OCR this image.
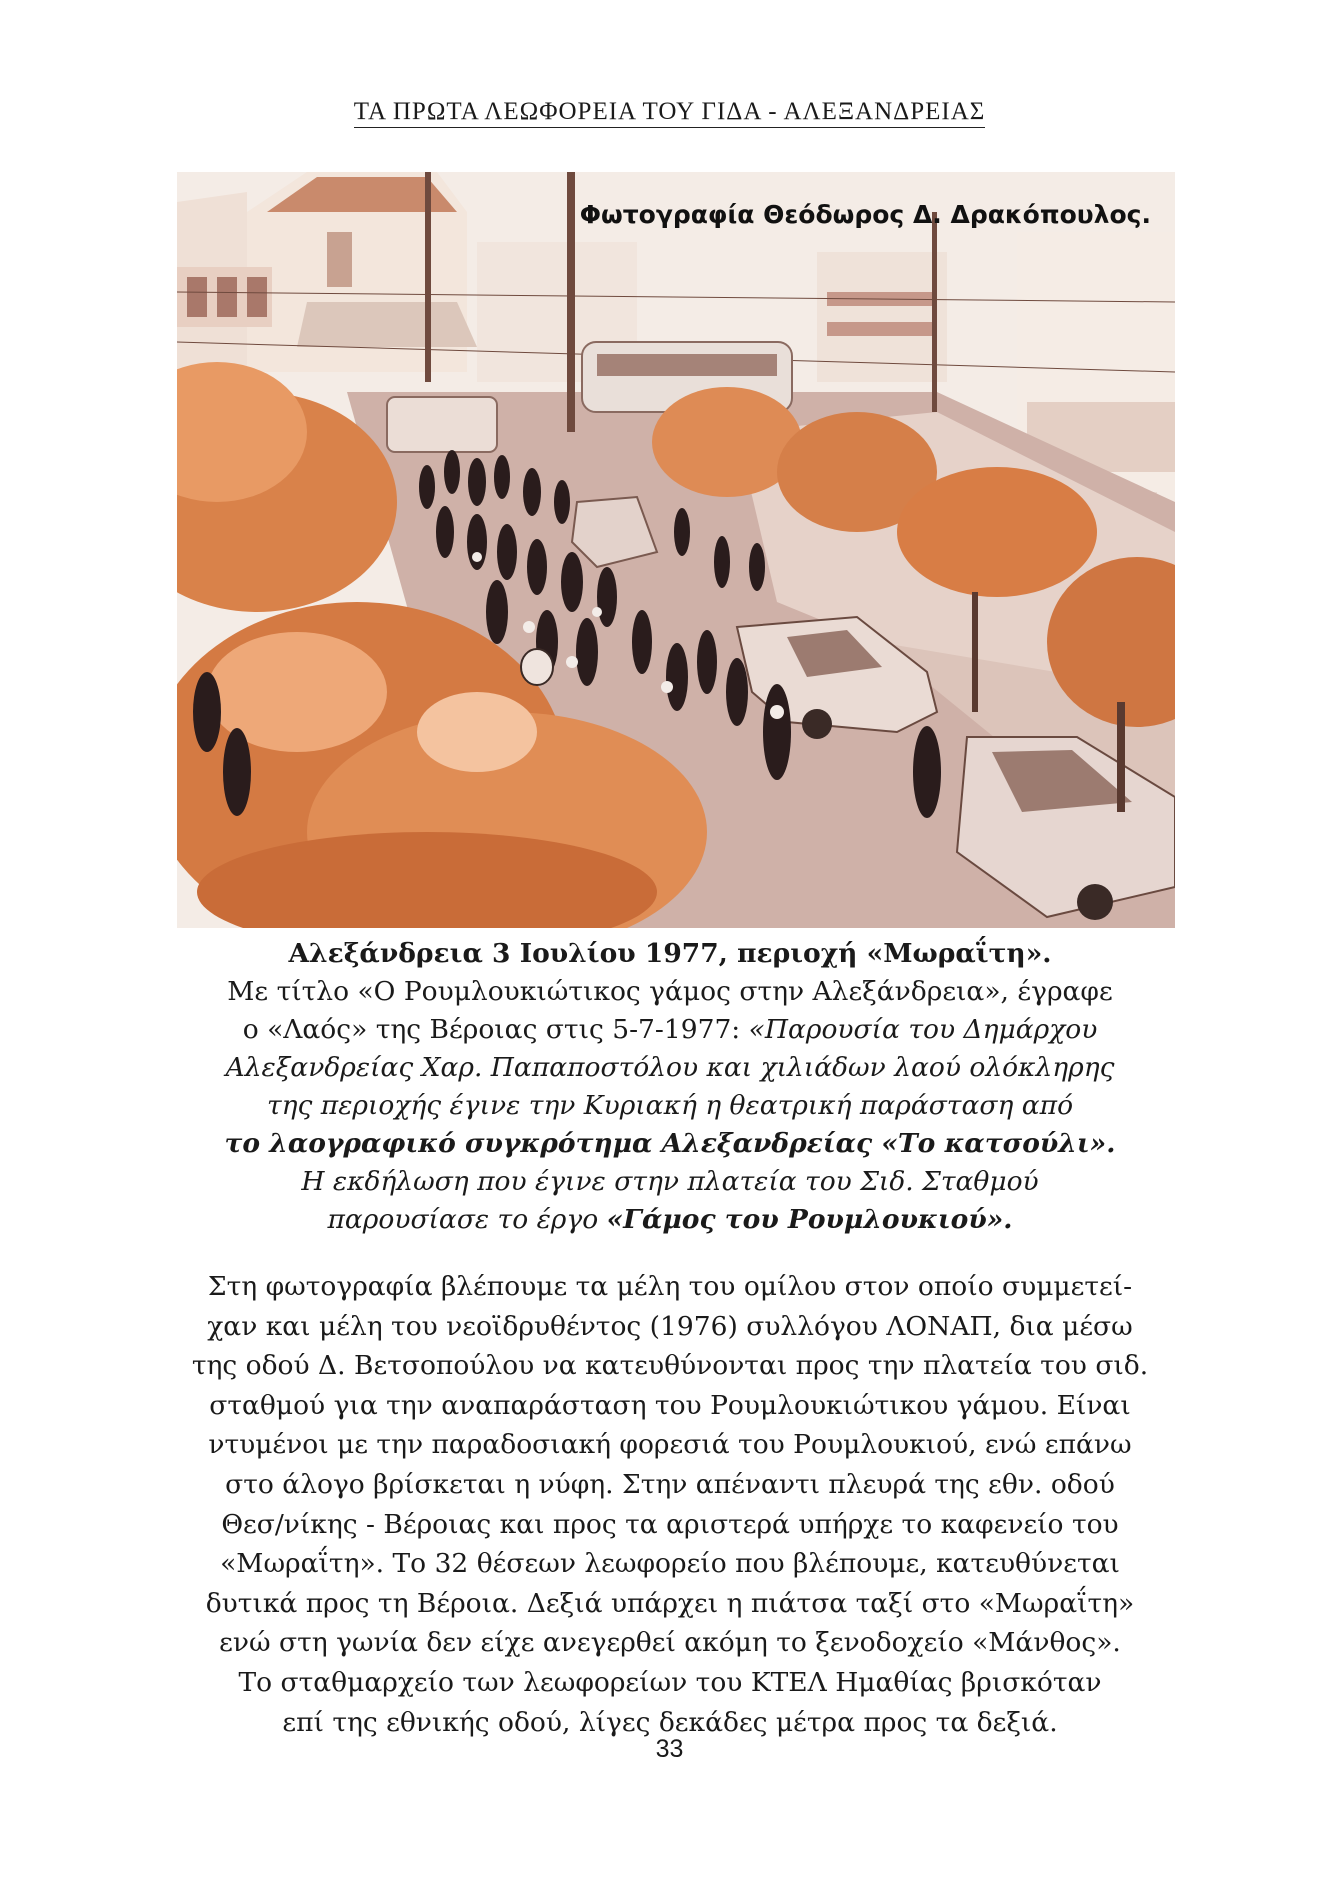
ΤΑ ΠΡΩΤΑ ΛΕΩΦΟΡΕΙΑ ΤΟΥ ΓΙΔΑ - ΑΛΕΞΑΝΔΡΕΙΑΣ
Φωτογραφία Θεόδωρος Δ. Δρακόπουλος.
Αλεξάνδρεια 3 Ιουλίου 1977, περιοχή «Μωραΐτη».
Με τίτλο «Ο Ρουμλουκιώτικος γάμος στην Αλεξάνδρεια», έγραφε
ο «Λαός» της Βέροιας στις 5-7-1977: «Παρουσία του Δημάρχου
Αλεξανδρείας Χαρ. Παπαποστόλου και χιλιάδων λαού ολόκληρης
της περιοχής έγινε την Κυριακή η θεατρική παράσταση από
το λαογραφικό συγκρότημα Αλεξανδρείας «Το κατσούλι».
Η εκδήλωση που έγινε στην πλατεία του Σιδ. Σταθμού
παρουσίασε το έργο «Γάμος του Ρουμλουκιού».
Στη φωτογραφία βλέπουμε τα μέλη του ομίλου στον οποίο συμμετεί-
χαν και μέλη του νεοϊδρυθέντος (1976) συλλόγου ΛΟΝΑΠ, δια μέσω
της οδού Δ. Βετσοπούλου να κατευθύνονται προς την πλατεία του σιδ.
σταθμού για την αναπαράσταση του Ρουμλουκιώτικου γάμου. Είναι
ντυμένοι με την παραδοσιακή φορεσιά του Ρουμλουκιού, ενώ επάνω
στο άλογο βρίσκεται η νύφη. Στην απέναντι πλευρά της εθν. οδού
Θεσ/νίκης - Βέροιας και προς τα αριστερά υπήρχε το καφενείο του
«Μωραΐτη». Το 32 θέσεων λεωφορείο που βλέπουμε, κατευθύνεται
δυτικά προς τη Βέροια. Δεξιά υπάρχει η πιάτσα ταξί στο «Μωραΐτη»
ενώ στη γωνία δεν είχε ανεγερθεί ακόμη το ξενοδοχείο «Μάνθος».
Το σταθμαρχείο των λεωφορείων του ΚΤΕΛ Ημαθίας βρισκόταν
επί της εθνικής οδού, λίγες δεκάδες μέτρα προς τα δεξιά.
33
